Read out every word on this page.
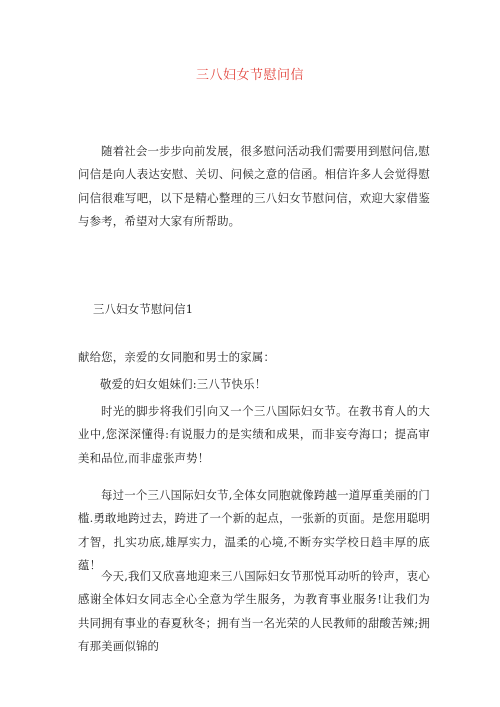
三八妇女节慰问信

随着社会一步步向前发展，很多慰问活动我们需要用到慰问信,慰问信是向人表达安慰、关切、问候之意的信函。相信许多人会觉得慰问信很难写吧，以下是精心整理的三八妇女节慰问信，欢迎大家借鉴与参考，希望对大家有所帮助。

三八妇女节慰问信1

献给您，亲爱的女同胞和男士的家属：

敬爱的妇女姐妹们:三八节快乐！

时光的脚步将我们引向又一个三八国际妇女节。在教书育人的大业中,您深深懂得:有说服力的是实绩和成果，而非妄夸海口；提高审美和品位,而非虚张声势！

每过一个三八国际妇女节,全体女同胞就像跨越一道厚重美丽的门槛.勇敢地跨过去，跨进了一个新的起点，一张新的页面。是您用聪明才智，扎实功底,雄厚实力，温柔的心境,不断夯实学校日趋丰厚的底蕴！

今天,我们又欣喜地迎来三八国际妇女节那悦耳动听的铃声，衷心感谢全体妇女同志全心全意为学生服务，为教育事业服务!让我们为共同拥有事业的春夏秋冬；拥有当一名光荣的人民教师的甜酸苦辣;拥有那美画似锦的
